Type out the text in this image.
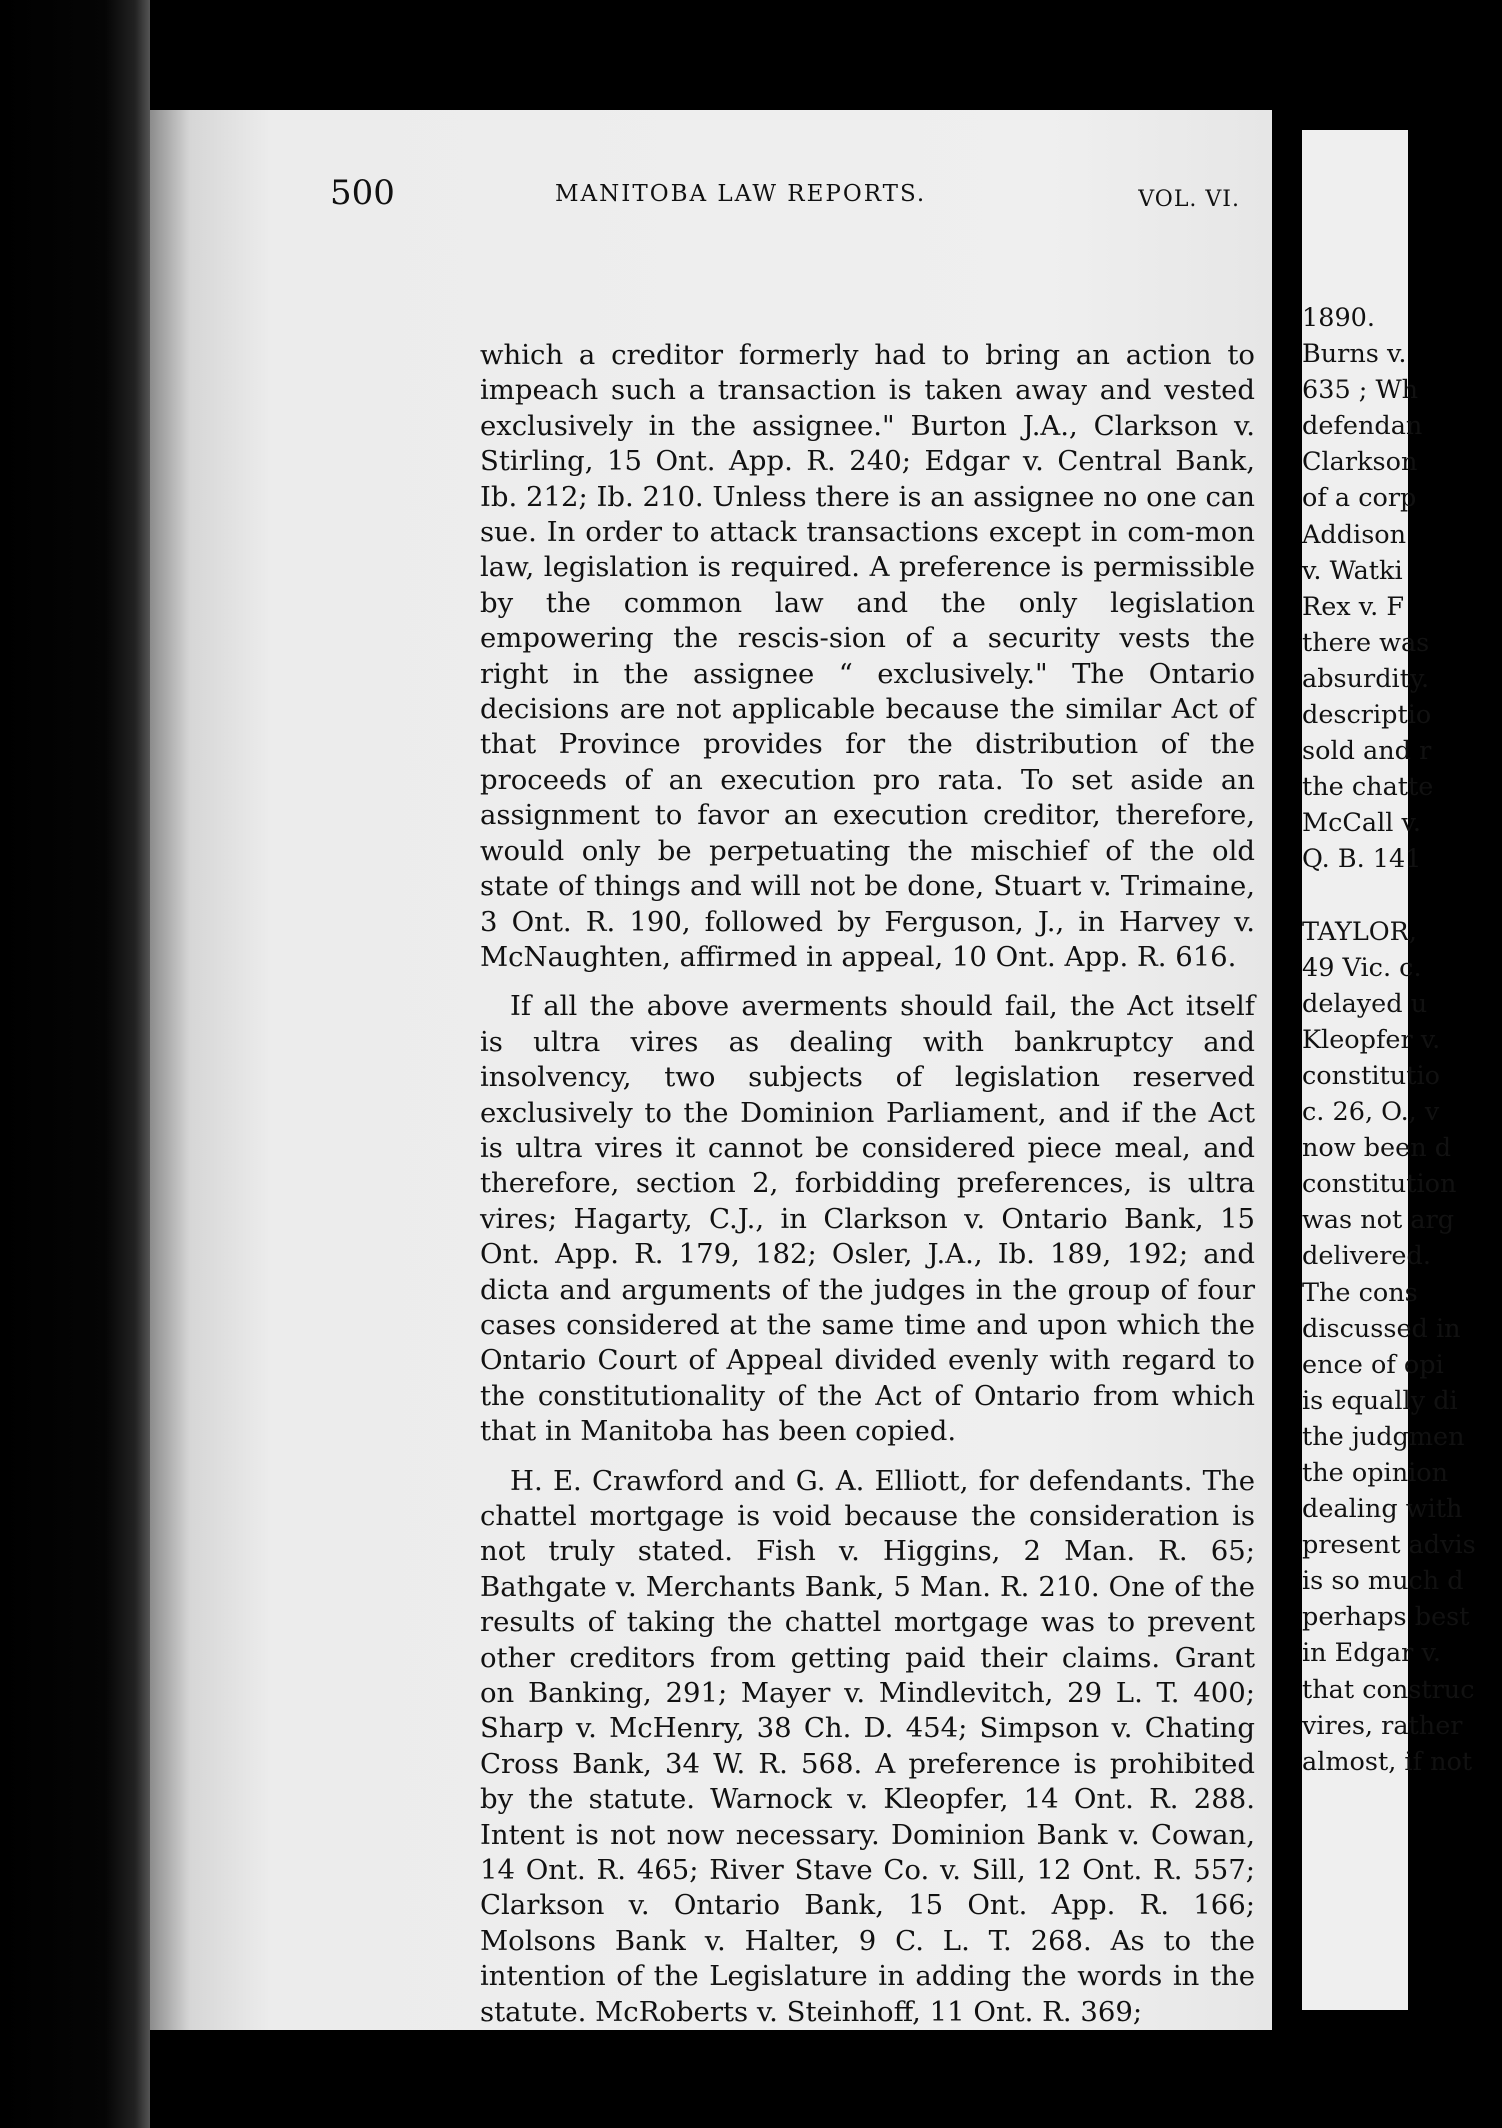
500	MANITOBA LAW REPORTS.	VOL. VI.

which a creditor formerly had to bring an action to impeach such a transaction is taken away and vested exclusively in the assignee." Burton J.A., Clarkson v. Stirling, 15 Ont. App. R. 240; Edgar v. Central Bank, Ib. 212; Ib. 210. Unless there is an assignee no one can sue. In order to attack transactions except in com-mon law, legislation is required. A preference is permissible by the common law and the only legislation empowering the rescis-sion of a security vests the right in the assignee “ exclusively." The Ontario decisions are not applicable because the similar Act of that Province provides for the distribution of the proceeds of an execution pro rata. To set aside an assignment to favor an execution creditor, therefore, would only be perpetuating the mischief of the old state of things and will not be done, Stuart v. Trimaine, 3 Ont. R. 190, followed by Ferguson, J., in Harvey v. McNaughten, affirmed in appeal, 10 Ont. App. R. 616.

If all the above averments should fail, the Act itself is ultra vires as dealing with bankruptcy and insolvency, two subjects of legislation reserved exclusively to the Dominion Parliament, and if the Act is ultra vires it cannot be considered piece meal, and therefore, section 2, forbidding preferences, is ultra vires; Hagarty, C.J., in Clarkson v. Ontario Bank, 15 Ont. App. R. 179, 182; Osler, J.A., Ib. 189, 192; and dicta and arguments of the judges in the group of four cases considered at the same time and upon which the Ontario Court of Appeal divided evenly with regard to the constitutionality of the Act of Ontario from which that in Manitoba has been copied.

H. E. Crawford and G. A. Elliott, for defendants. The chattel mortgage is void because the consideration is not truly stated. Fish v. Higgins, 2 Man. R. 65; Bathgate v. Merchants Bank, 5 Man. R. 210. One of the results of taking the chattel mortgage was to prevent other creditors from getting paid their claims. Grant on Banking, 291; Mayer v. Mindlevitch, 29 L. T. 400; Sharp v. McHenry, 38 Ch. D. 454; Simpson v. Chating Cross Bank, 34 W. R. 568. A preference is prohibited by the statute. Warnock v. Kleopfer, 14 Ont. R. 288. Intent is not now necessary. Dominion Bank v. Cowan, 14 Ont. R. 465; River Stave Co. v. Sill, 12 Ont. R. 557; Clarkson v. Ontario Bank, 15 Ont. App. R. 166; Molsons Bank v. Halter, 9 C. L. T. 268. As to the intention of the Legislature in adding the words in the statute. McRoberts v. Steinhoff, 11 Ont. R. 369;

1890.
Burns v.
635 ; Wh
defendan
Clarkson
of a corp
Addison
v. Watki
Rex v. F
there was
absurdity.
descriptio
sold and r
the chatte
McCall v.
Q. B. 141
TAYLOR,
49 Vic. c.
delayed u
Kleopfer v.
constitutio
c. 26, O., v
now been d
constitution
was not arg
delivered.
The cons
discussed in
ence of opi
is equally di
the judgmen
the opinion
dealing with
present advis
is so much d
perhaps best
in Edgar v.
that construc
vires, rather
almost, if not
